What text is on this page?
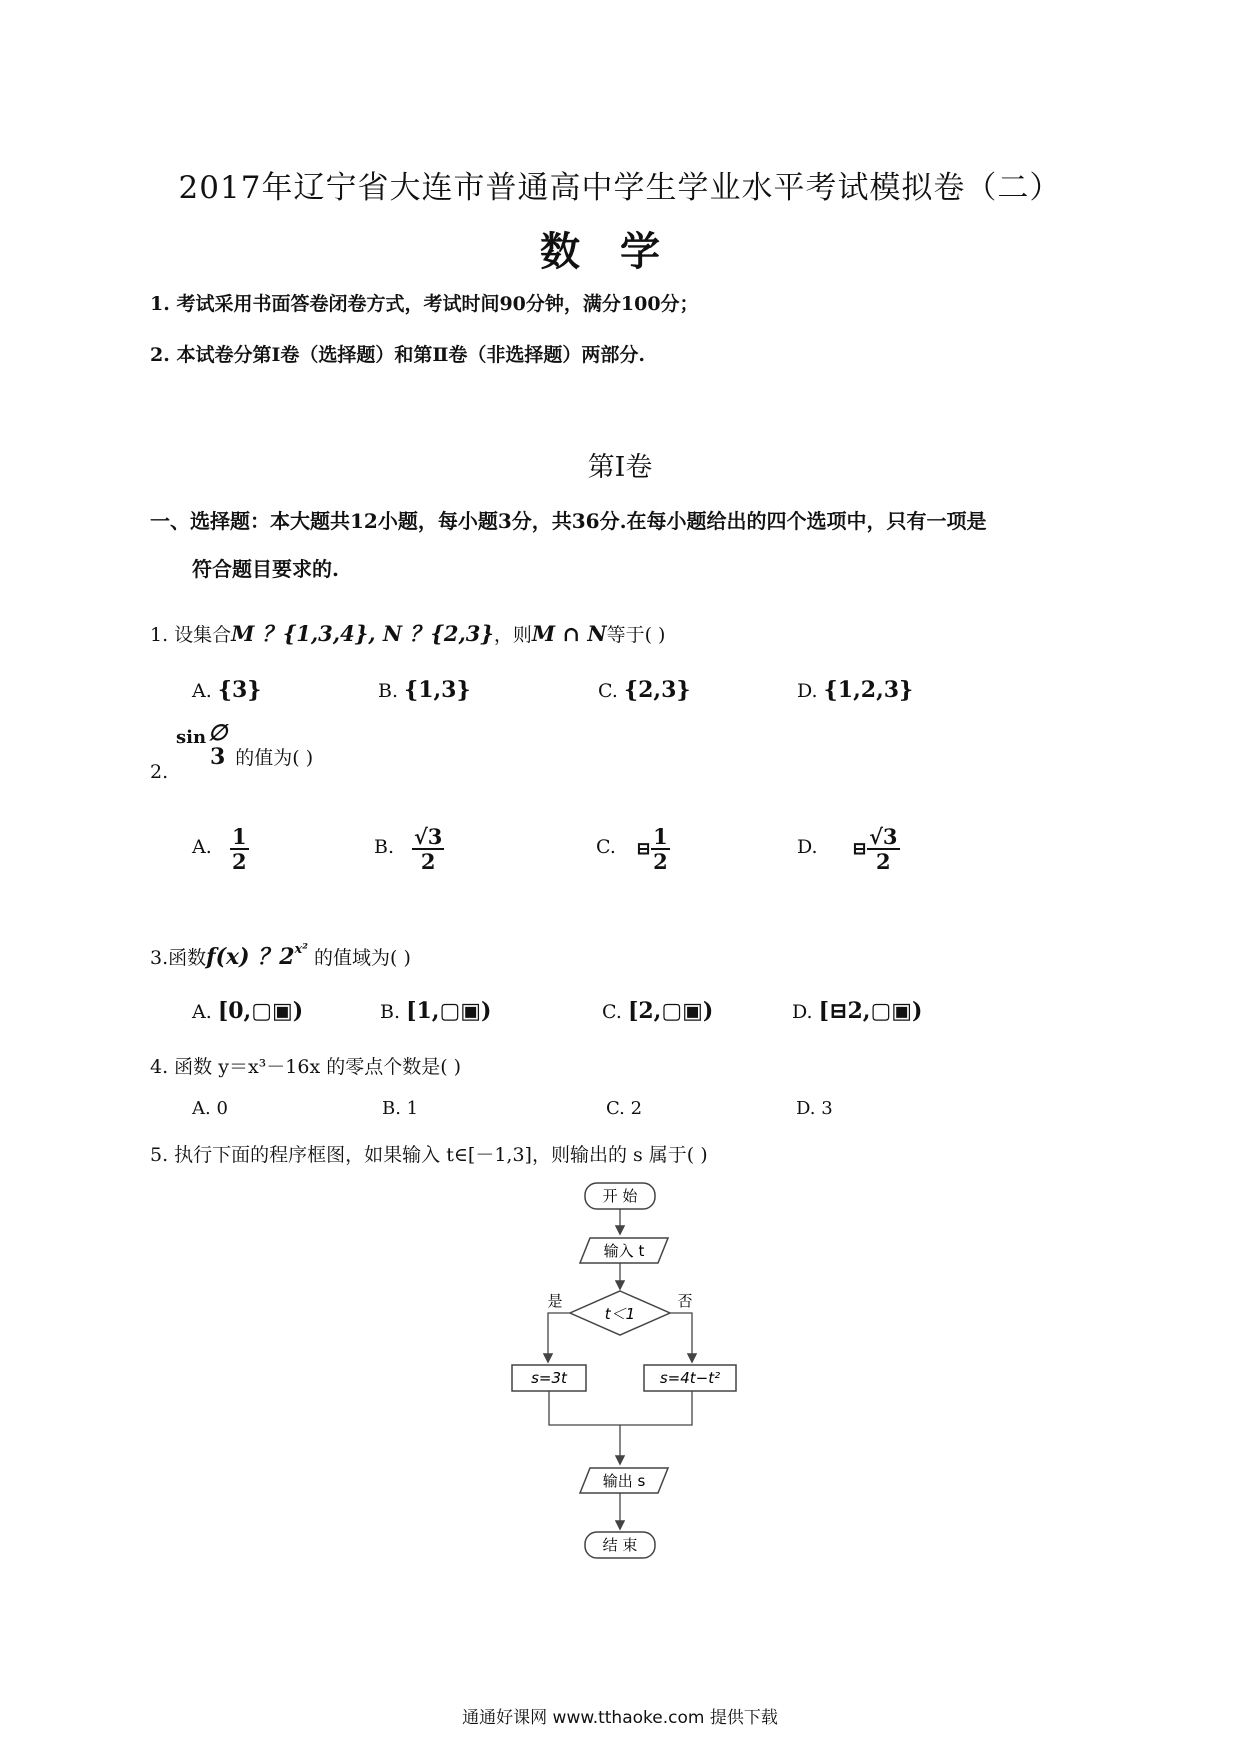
2017年辽宁省大连市普通高中学生学业水平考试模拟卷（二）
数学
1. 考试采用书面答卷闭卷方式，考试时间90分钟，满分100分；
2. 本试卷分第Ⅰ卷（选择题）和第Ⅱ卷（非选择题）两部分.
第Ⅰ卷
一、选择题：本大题共12小题，每小题3分，共36分.在每小题给出的四个选项中，只有一项是
符合题目要求的.
1. 设集合M ？{1,3,4}, N ？{2,3}，则M ∩ N等于( )
A. {3}	B. {1,3}	C. {2,3}	D. {1,2,3}
2.sin ∅
3 的值为( )
A. $\frac{1}{2}$	B. $\frac{√3}{2}$	C. ⊟ $\frac{1}{2}$	D. ⊟ $\frac{√3}{2}$
3.函数f(x) ？$2^{x^2}$ 的值域为( )
A. [0,▢▣)	B. [1,▢▣)	C. [2,▢▣)	D. [⊟2,▢▣)
4. 函数 y＝x³－16x 的零点个数是( )
A. 0	B. 1	C. 2	D. 3
5. 执行下面的程序框图，如果输入 t∈[－1,3]，则输出的 s 属于( )
开 始
输入 t
t＜1
是	否
s=3t	s=4t−t²
输出 s
结 束
通通好课网 www.tthaoke.com 提供下载
